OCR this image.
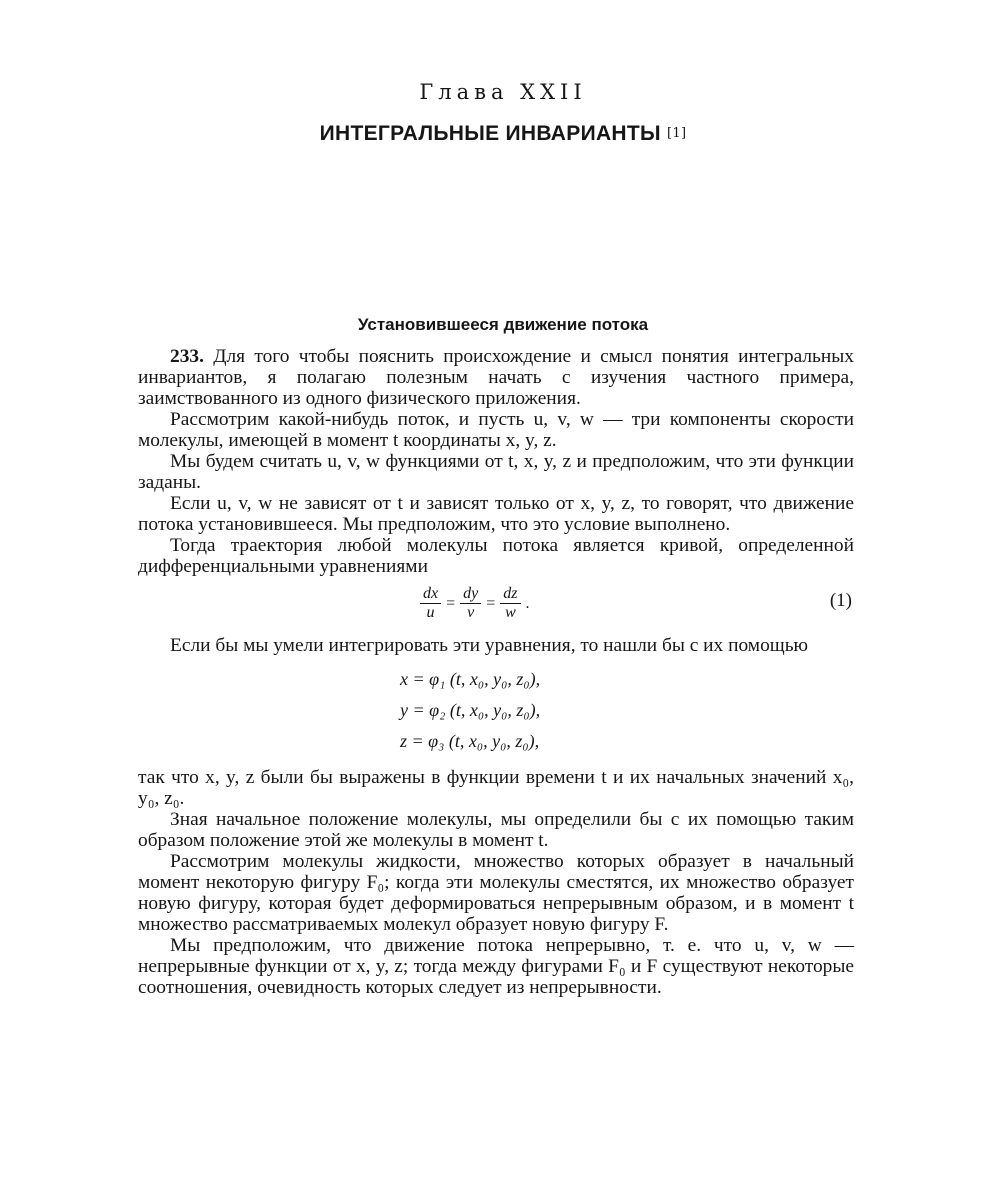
Глава XXII
ИНТЕГРАЛЬНЫЕ ИНВАРИАНТЫ [1]
Установившееся движение потока

233. Для того чтобы пояснить происхождение и смысл понятия интегральных инвариантов, я полагаю полезным начать с изучения частного примера, заимствованного из одного физического приложения.

Рассмотрим какой-нибудь поток, и пусть u, v, w — три компоненты скорости молекулы, имеющей в момент t координаты x, y, z.

Мы будем считать u, v, w функциями от t, x, y, z и предположим, что эти функции заданы.

Если u, v, w не зависят от t и зависят только от x, y, z, то говорят, что движение потока установившееся. Мы предположим, что это условие выполнено.

Тогда траектория любой молекулы потока является кривой, определенной дифференциальными уравнениями

$\frac{dx}{u} = \frac{dy}{v} = \frac{dz}{w}$ .	(1)

Если бы мы умели интегрировать эти уравнения, то нашли бы с их помощью

x = φ₁ (t, x₀, y₀, z₀),
y = φ₂ (t, x₀, y₀, z₀),
z = φ₃ (t, x₀, y₀, z₀),

так что x, y, z были бы выражены в функции времени t и их начальных значений x₀, y₀, z₀.

Зная начальное положение молекулы, мы определили бы с их помощью таким образом положение этой же молекулы в момент t.

Рассмотрим молекулы жидкости, множество которых образует в начальный момент некоторую фигуру F₀; когда эти молекулы сместятся, их множество образует новую фигуру, которая будет деформироваться непрерывным образом, и в момент t множество рассматриваемых молекул образует новую фигуру F.

Мы предположим, что движение потока непрерывно, т. е. что u, v, w — непрерывные функции от x, y, z; тогда между фигурами F₀ и F существуют некоторые соотношения, очевидность которых следует из непрерывности.
